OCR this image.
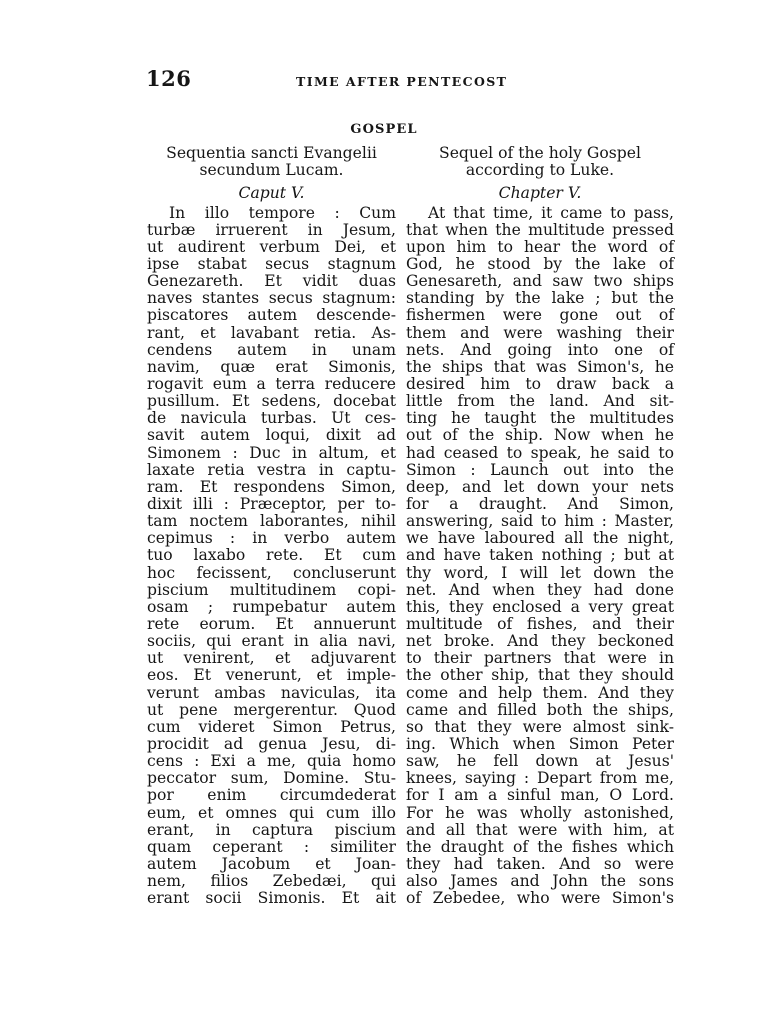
126	TIME AFTER PENTECOST
GOSPEL
Sequentia sancti Evangelii
secundum Lucam.
Caput V.
In illo tempore : Cum
turbæ irruerent in Jesum,
ut audirent verbum Dei, et
ipse stabat secus stagnum
Genezareth. Et vidit duas
naves stantes secus stagnum:
piscatores autem descende-
rant, et lavabant retia. As-
cendens autem in unam
navim, quæ erat Simonis,
rogavit eum a terra reducere
pusillum. Et sedens, docebat
de navicula turbas. Ut ces-
savit autem loqui, dixit ad
Simonem : Duc in altum, et
laxate retia vestra in captu-
ram. Et respondens Simon,
dixit illi : Præceptor, per to-
tam noctem laborantes, nihil
cepimus : in verbo autem
tuo laxabo rete. Et cum
hoc fecissent, concluserunt
piscium multitudinem copi-
osam ; rumpebatur autem
rete eorum. Et annuerunt
sociis, qui erant in alia navi,
ut venirent, et adjuvarent
eos. Et venerunt, et imple-
verunt ambas naviculas, ita
ut pene mergerentur. Quod
cum videret Simon Petrus,
procidit ad genua Jesu, di-
cens : Exi a me, quia homo
peccator sum, Domine. Stu-
por enim circumdederat
eum, et omnes qui cum illo
erant, in captura piscium
quam ceperant : similiter
autem Jacobum et Joan-
nem, filios Zebedæi, qui
erant socii Simonis. Et ait
Sequel of the holy Gospel
according to Luke.
Chapter V.
At that time, it came to pass,
that when the multitude pressed
upon him to hear the word of
God, he stood by the lake of
Genesareth, and saw two ships
standing by the lake ; but the
fishermen were gone out of
them and were washing their
nets. And going into one of
the ships that was Simon's, he
desired him to draw back a
little from the land. And sit-
ting he taught the multitudes
out of the ship. Now when he
had ceased to speak, he said to
Simon : Launch out into the
deep, and let down your nets
for a draught. And Simon,
answering, said to him : Master,
we have laboured all the night,
and have taken nothing ; but at
thy word, I will let down the
net. And when they had done
this, they enclosed a very great
multitude of fishes, and their
net broke. And they beckoned
to their partners that were in
the other ship, that they should
come and help them. And they
came and filled both the ships,
so that they were almost sink-
ing. Which when Simon Peter
saw, he fell down at Jesus'
knees, saying : Depart from me,
for I am a sinful man, O Lord.
For he was wholly astonished,
and all that were with him, at
the draught of the fishes which
they had taken. And so were
also James and John the sons
of Zebedee, who were Simon's
